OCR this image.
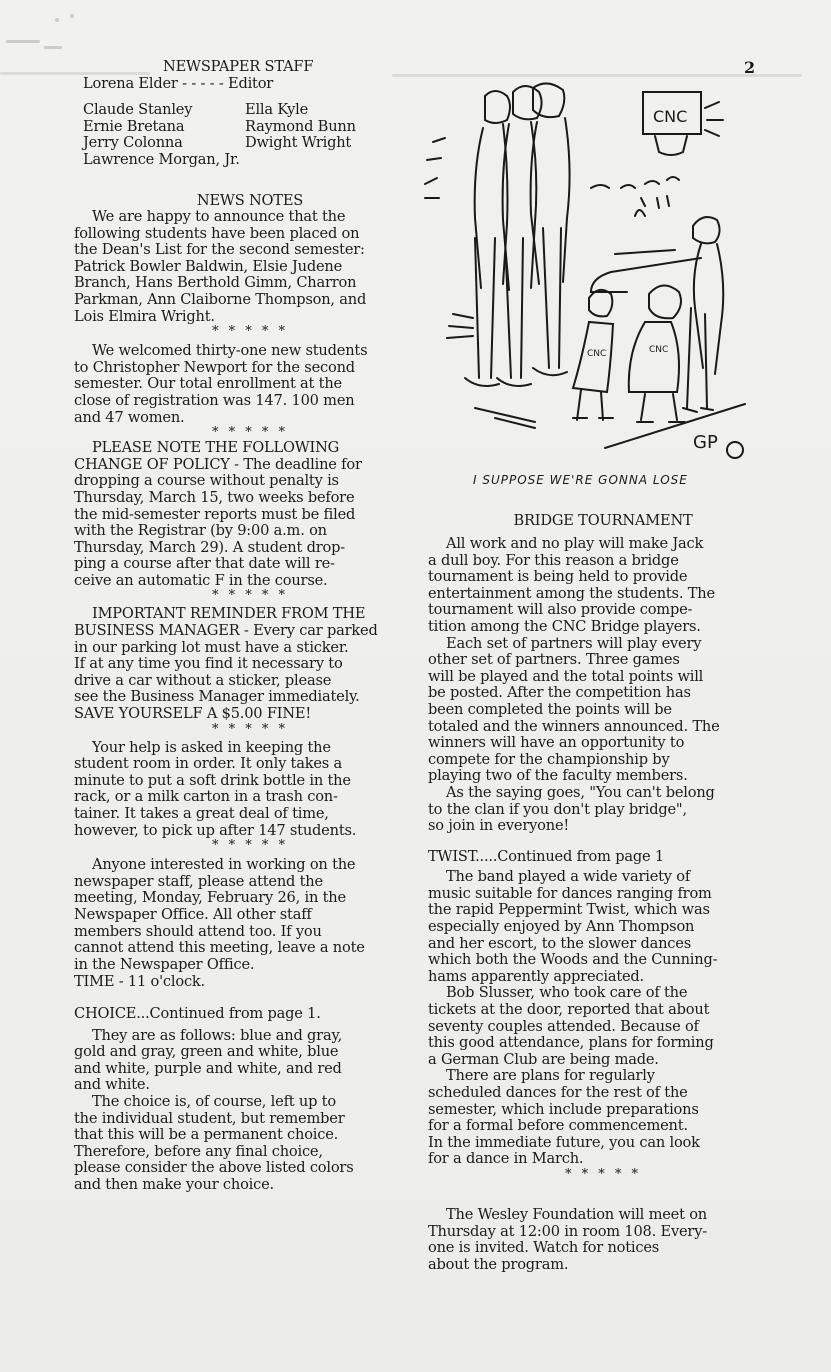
2
NEWSPAPER STAFF
Lorena Elder - - - - - Editor
Claude Stanley
Ernie Bretana
Jerry Colonna
Ella Kyle
Raymond Bunn
Dwight Wright
Lawrence Morgan, Jr.
NEWS NOTES
We are happy to announce that the
following students have been placed on
the Dean's List for the second semester:
Patrick Bowler Baldwin, Elsie Judene
Branch, Hans Berthold Gimm, Charron
Parkman, Ann Claiborne Thompson, and
Lois Elmira Wright.
* * * * *
We welcomed thirty-one new students
to Christopher Newport for the second
semester. Our total enrollment at the
close of registration was 147. 100 men
and 47 women.
* * * * *
PLEASE NOTE THE FOLLOWING
CHANGE OF POLICY - The deadline for
dropping a course without penalty is
Thursday, March 15, two weeks before
the mid-semester reports must be filed
with the Registrar (by 9:00 a.m. on
Thursday, March 29). A student drop-
ping a course after that date will re-
ceive an automatic F in the course.
* * * * *
IMPORTANT REMINDER FROM THE
BUSINESS MANAGER - Every car parked
in our parking lot must have a sticker.
If at any time you find it necessary to
drive a car without a sticker, please
see the Business Manager immediately.
SAVE YOURSELF A $5.00 FINE!
* * * * *
Your help is asked in keeping the
student room in order. It only takes a
minute to put a soft drink bottle in the
rack, or a milk carton in a trash con-
tainer. It takes a great deal of time,
however, to pick up after 147 students.
* * * * *
Anyone interested in working on the
newspaper staff, please attend the
meeting, Monday, February 26, in the
Newspaper Office. All other staff
members should attend too. If you
cannot attend this meeting, leave a note
in the Newspaper Office.
TIME - 11 o'clock.
CHOICE...Continued from page 1.
They are as follows: blue and gray,
gold and gray, green and white, blue
and white, purple and white, and red
and white.
The choice is, of course, left up to
the individual student, but remember
that this will be a permanent choice.
Therefore, before any final choice,
please consider the above listed colors
and then make your choice.
CNC
CNC	CNC
GP
I SUPPOSE WE'RE GONNA LOSE
BRIDGE TOURNAMENT
All work and no play will make Jack
a dull boy. For this reason a bridge
tournament is being held to provide
entertainment among the students. The
tournament will also provide compe-
tition among the CNC Bridge players.
Each set of partners will play every
other set of partners. Three games
will be played and the total points will
be posted. After the competition has
been completed the points will be
totaled and the winners announced. The
winners will have an opportunity to
compete for the championship by
playing two of the faculty members.
As the saying goes, "You can't belong
to the clan if you don't play bridge",
so join in everyone!
TWIST.....Continued from page 1
The band played a wide variety of
music suitable for dances ranging from
the rapid Peppermint Twist, which was
especially enjoyed by Ann Thompson
and her escort, to the slower dances
which both the Woods and the Cunning-
hams apparently appreciated.
Bob Slusser, who took care of the
tickets at the door, reported that about
seventy couples attended. Because of
this good attendance, plans for forming
a German Club are being made.
There are plans for regularly
scheduled dances for the rest of the
semester, which include preparations
for a formal before commencement.
In the immediate future, you can look
for a dance in March.
* * * * *
The Wesley Foundation will meet on
Thursday at 12:00 in room 108. Every-
one is invited. Watch for notices
about the program.
